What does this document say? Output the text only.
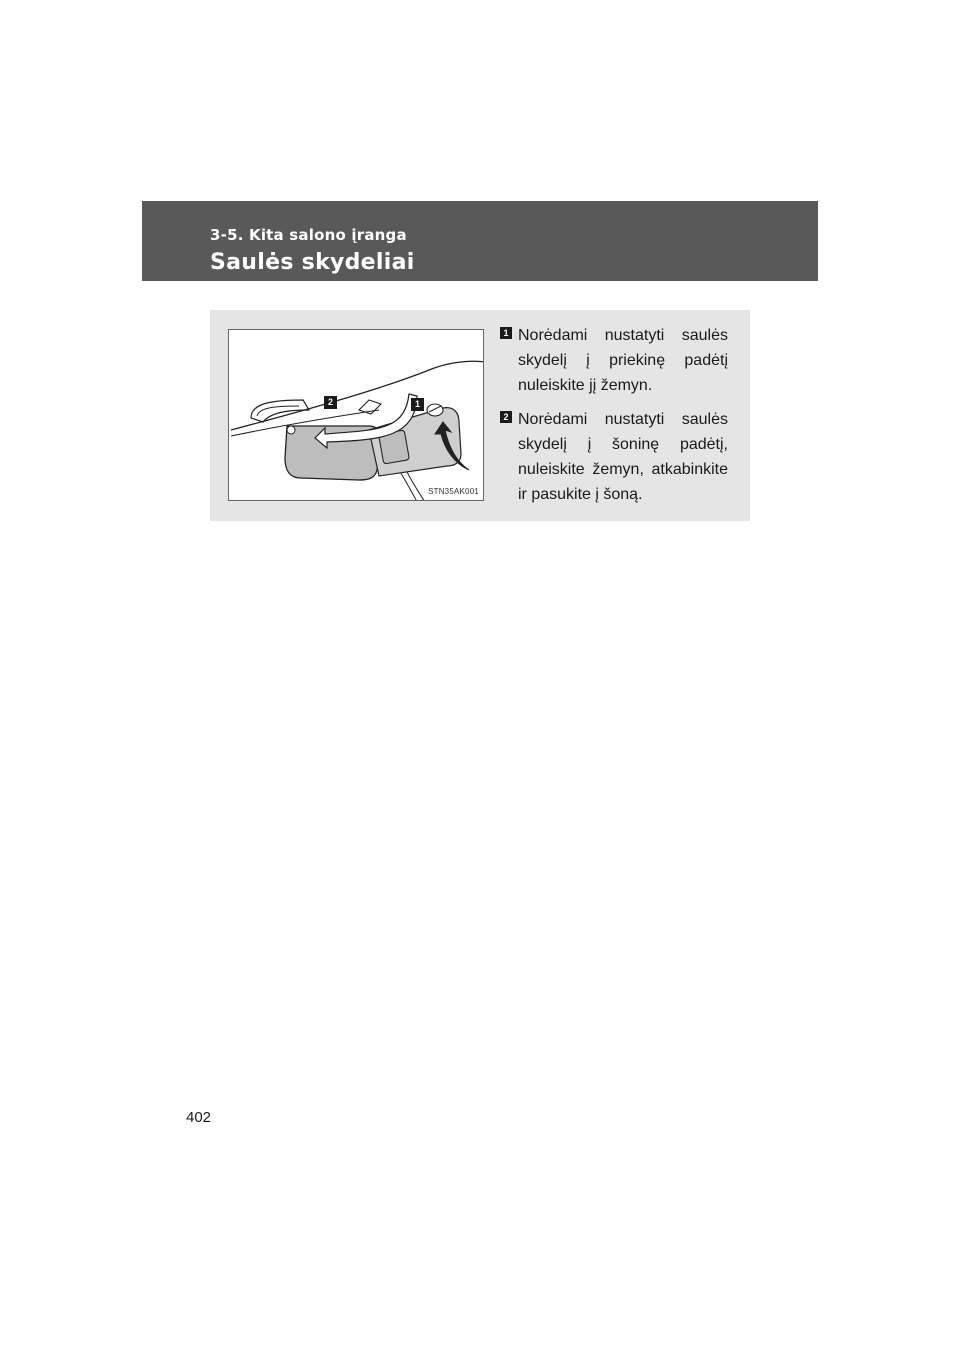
3-5. Kita salono įranga
Saulės skydeliai
2	1
STN35AK001
1 Norėdami nustatyti saulės skydelį į priekinę padėtį nuleiskite jį žemyn.
2 Norėdami nustatyti saulės skydelį į šoninę padėtį, nuleiskite žemyn, atkabinkite ir pasukite į šoną.
402
